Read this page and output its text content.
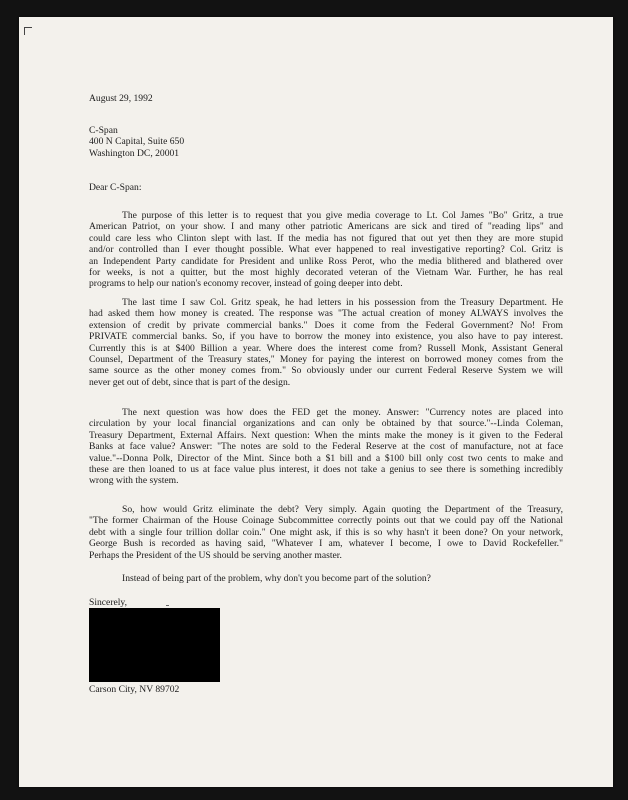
August 29, 1992
C-Span
400 N Capital, Suite 650
Washington DC, 20001
Dear C-Span:
The purpose of this letter is to request that you give media coverage to Lt. Col James "Bo" Gritz, a true
American Patriot, on your show. I and many other patriotic Americans are sick and tired of "reading lips" and
could care less who Clinton slept with last. If the media has not figured that out yet then they are more stupid
and/or controlled than I ever thought possible. What ever happened to real investigative reporting? Col. Gritz is
an Independent Party candidate for President and unlike Ross Perot, who the media blithered and blathered over
for weeks, is not a quitter, but the most highly decorated veteran of the Vietnam War. Further, he has real
programs to help our nation's economy recover, instead of going deeper into debt.
The last time I saw Col. Gritz speak, he had letters in his possession from the Treasury Department. He
had asked them how money is created. The response was "The actual creation of money ALWAYS involves the
extension of credit by private commercial banks." Does it come from the Federal Government? No! From
PRIVATE commercial banks. So, if you have to borrow the money into existence, you also have to pay interest.
Currently this is at $400 Billion a year. Where does the interest come from? Russell Monk, Assistant General
Counsel, Department of the Treasury states," Money for paying the interest on borrowed money comes from the
same source as the other money comes from." So obviously under our current Federal Reserve System we will
never get out of debt, since that is part of the design.
The next question was how does the FED get the money. Answer: "Currency notes are placed into
circulation by your local financial organizations and can only be obtained by that source."--Linda Coleman,
Treasury Department, External Affairs. Next question: When the mints make the money is it given to the Federal
Banks at face value? Answer: "The notes are sold to the Federal Reserve at the cost of manufacture, not at face
value."--Donna Polk, Director of the Mint. Since both a $1 bill and a $100 bill only cost two cents to make and
these are then loaned to us at face value plus interest, it does not take a genius to see there is something incredibly
wrong with the system.
So, how would Gritz eliminate the debt? Very simply. Again quoting the Department of the Treasury,
"The former Chairman of the House Coinage Subcommittee correctly points out that we could pay off the National
debt with a single four trillion dollar coin." One might ask, if this is so why hasn't it been done? On your network,
George Bush is recorded as having said, "Whatever I am, whatever I become, I owe to David Rockefeller."
Perhaps the President of the US should be serving another master.
Instead of being part of the problem, why don't you become part of the solution?
Sincerely,
Carson City, NV 89702
